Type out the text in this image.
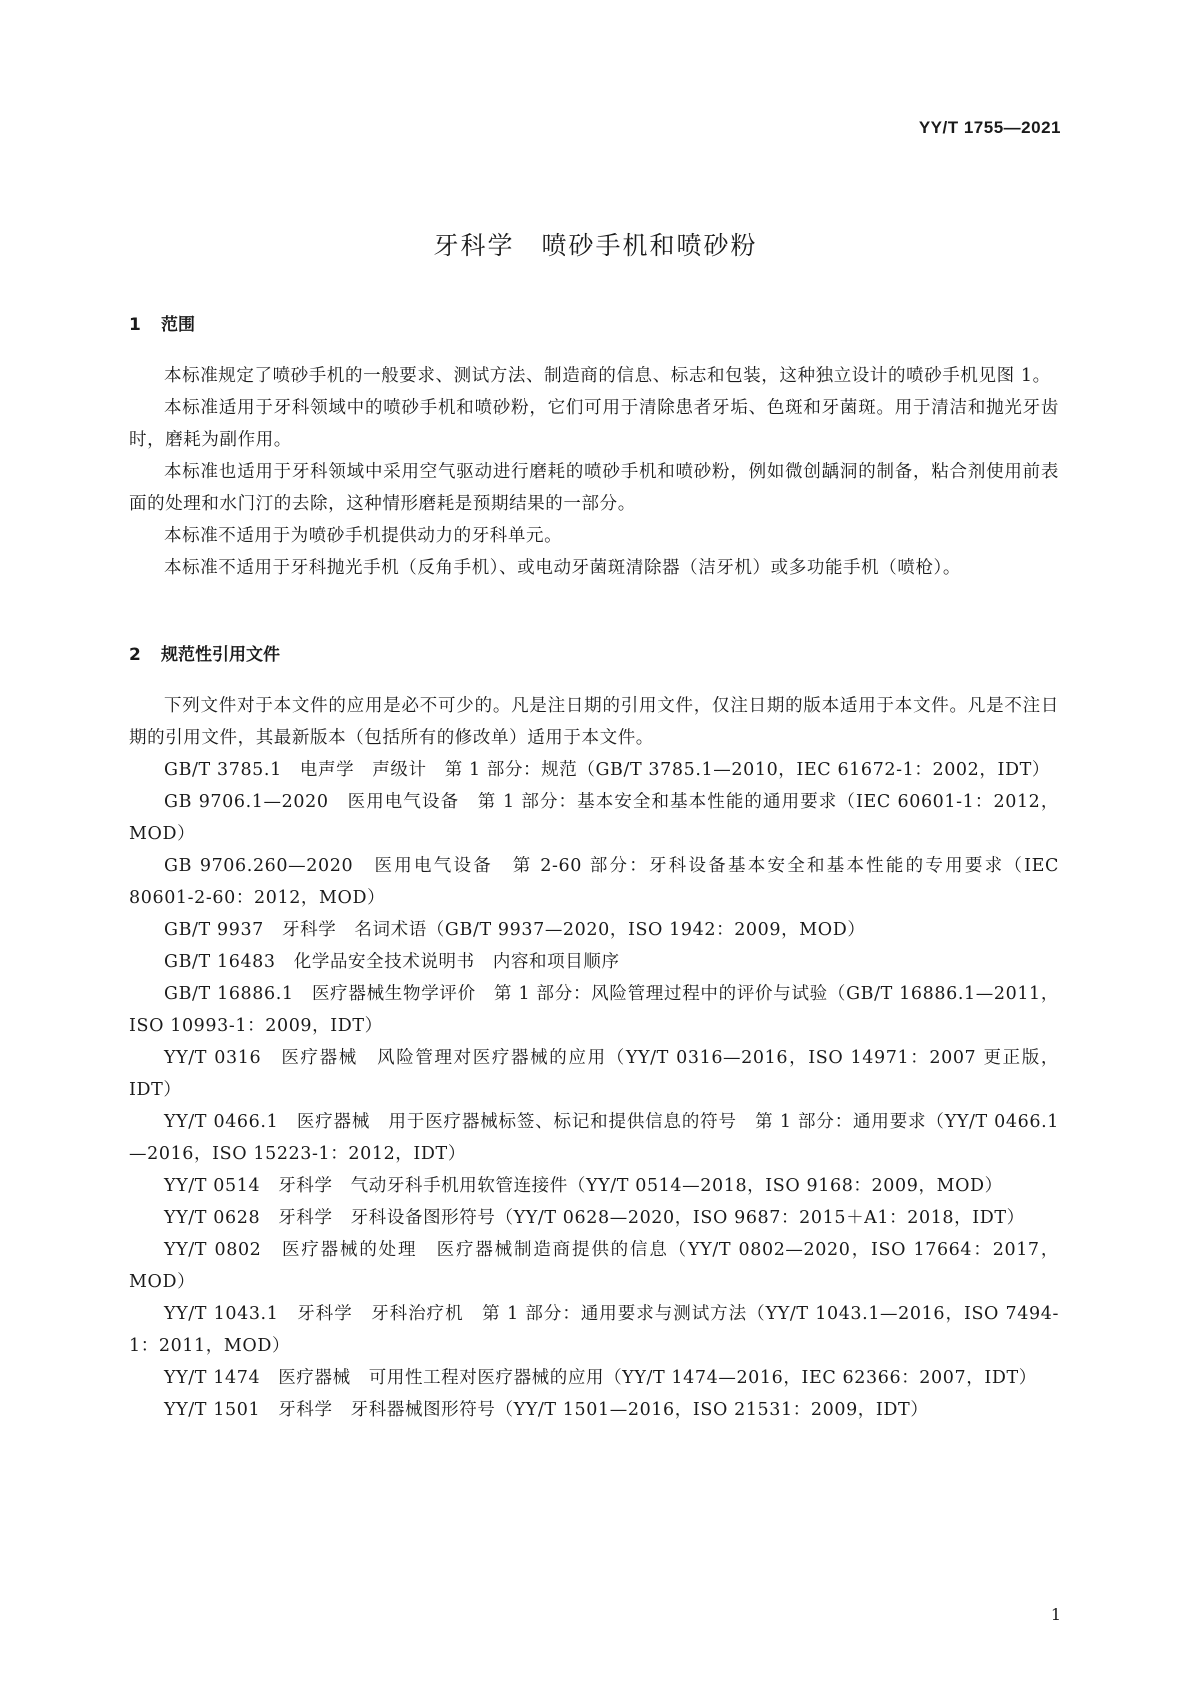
YY/T 1755—2021
牙科学　喷砂手机和喷砂粉
1 范围

本标准规定了喷砂手机的一般要求、测试方法、制造商的信息、标志和包装，这种独立设计的喷砂手机见图 1。

本标准适用于牙科领域中的喷砂手机和喷砂粉，它们可用于清除患者牙垢、色斑和牙菌斑。用于清洁和抛光牙齿时，磨耗为副作用。

本标准也适用于牙科领域中采用空气驱动进行磨耗的喷砂手机和喷砂粉，例如微创龋洞的制备，粘合剂使用前表面的处理和水门汀的去除，这种情形磨耗是预期结果的一部分。

本标准不适用于为喷砂手机提供动力的牙科单元。

本标准不适用于牙科抛光手机（反角手机）、或电动牙菌斑清除器（洁牙机）或多功能手机（喷枪）。

2 规范性引用文件

下列文件对于本文件的应用是必不可少的。凡是注日期的引用文件，仅注日期的版本适用于本文件。凡是不注日期的引用文件，其最新版本（包括所有的修改单）适用于本文件。

GB/T 3785.1　电声学　声级计　第 1 部分：规范（GB/T 3785.1—2010，IEC 61672-1：2002，IDT）

GB 9706.1—2020　医用电气设备　第 1 部分：基本安全和基本性能的通用要求（IEC 60601-1：2012，MOD）

GB 9706.260—2020　医用电气设备　第 2-60 部分：牙科设备基本安全和基本性能的专用要求（IEC 80601-2-60：2012，MOD）

GB/T 9937　牙科学　名词术语（GB/T 9937—2020，ISO 1942：2009，MOD）

GB/T 16483　化学品安全技术说明书　内容和项目顺序

GB/T 16886.1　医疗器械生物学评价　第 1 部分：风险管理过程中的评价与试验（GB/T 16886.1—2011，ISO 10993-1：2009，IDT）

YY/T 0316　医疗器械　风险管理对医疗器械的应用（YY/T 0316—2016，ISO 14971：2007 更正版，IDT）

YY/T 0466.1　医疗器械　用于医疗器械标签、标记和提供信息的符号　第 1 部分：通用要求（YY/T 0466.1—2016，ISO 15223-1：2012，IDT）

YY/T 0514　牙科学　气动牙科手机用软管连接件（YY/T 0514—2018，ISO 9168：2009，MOD）

YY/T 0628　牙科学　牙科设备图形符号（YY/T 0628—2020，ISO 9687：2015＋A1：2018，IDT）

YY/T 0802　医疗器械的处理　医疗器械制造商提供的信息（YY/T 0802—2020，ISO 17664：2017，MOD）

YY/T 1043.1　牙科学　牙科治疗机　第 1 部分：通用要求与测试方法（YY/T 1043.1—2016，ISO 7494-1：2011，MOD）

YY/T 1474　医疗器械　可用性工程对医疗器械的应用（YY/T 1474—2016，IEC 62366：2007，IDT）

YY/T 1501　牙科学　牙科器械图形符号（YY/T 1501—2016，ISO 21531：2009，IDT）

1
